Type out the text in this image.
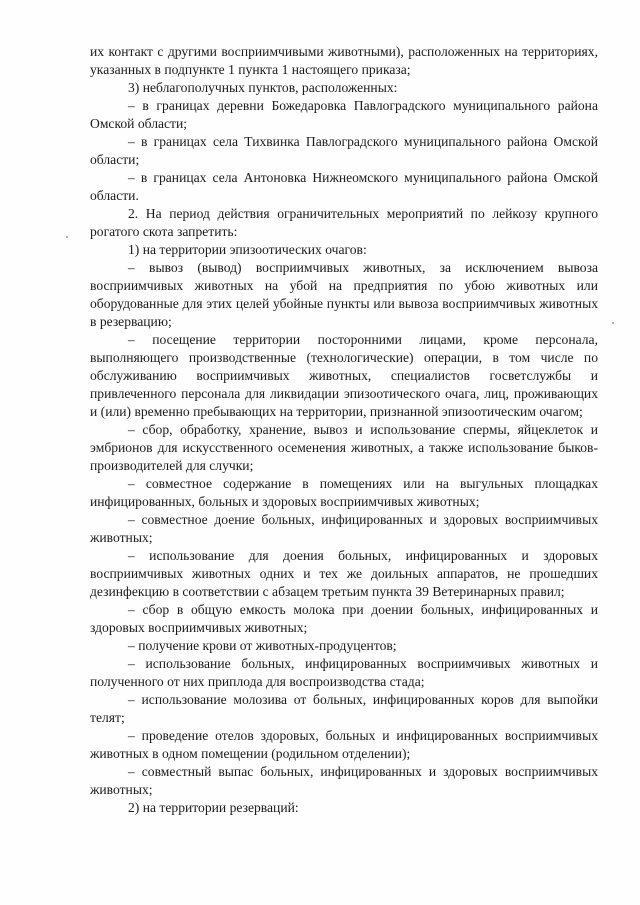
их контакт с другими восприимчивыми животными), расположенных на территориях, указанных в подпункте 1 пункта 1 настоящего приказа;

3) неблагополучных пунктов, расположенных:

– в границах деревни Божедаровка Павлоградского муниципального района Омской области;

– в границах села Тихвинка Павлоградского муниципального района Омской области;

– в границах села Антоновка Нижнеомского муниципального района Омской области.

2. На период действия ограничительных мероприятий по лейкозу крупного рогатого скота запретить:

1) на территории эпизоотических очагов:

– вывоз (вывод) восприимчивых животных, за исключением вывоза восприимчивых животных на убой на предприятия по убою животных или оборудованные для этих целей убойные пункты или вывоза восприимчивых животных в резервацию;

– посещение территории посторонними лицами, кроме персонала, выполняющего производственные (технологические) операции, в том числе по обслуживанию восприимчивых животных, специалистов госветслужбы и привлеченного персонала для ликвидации эпизоотического очага, лиц, проживающих и (или) временно пребывающих на территории, признанной эпизоотическим очагом;

– сбор, обработку, хранение, вывоз и использование спермы, яйцеклеток и эмбрионов для искусственного осеменения животных, а также использование быков-производителей для случки;

– совместное содержание в помещениях или на выгульных площадках инфицированных, больных и здоровых восприимчивых животных;

– совместное доение больных, инфицированных и здоровых восприимчивых животных;

– использование для доения больных, инфицированных и здоровых восприимчивых животных одних и тех же доильных аппаратов, не прошедших дезинфекцию в соответствии с абзацем третьим пункта 39 Ветеринарных правил;

– сбор в общую емкость молока при доении больных, инфицированных и здоровых восприимчивых животных;

– получение крови от животных-продуцентов;

– использование больных, инфицированных восприимчивых животных и полученного от них приплода для воспроизводства стада;

– использование молозива от больных, инфицированных коров для выпойки телят;

– проведение отелов здоровых, больных и инфицированных восприимчивых животных в одном помещении (родильном отделении);

– совместный выпас больных, инфицированных и здоровых восприимчивых животных;

2) на территории резерваций:
